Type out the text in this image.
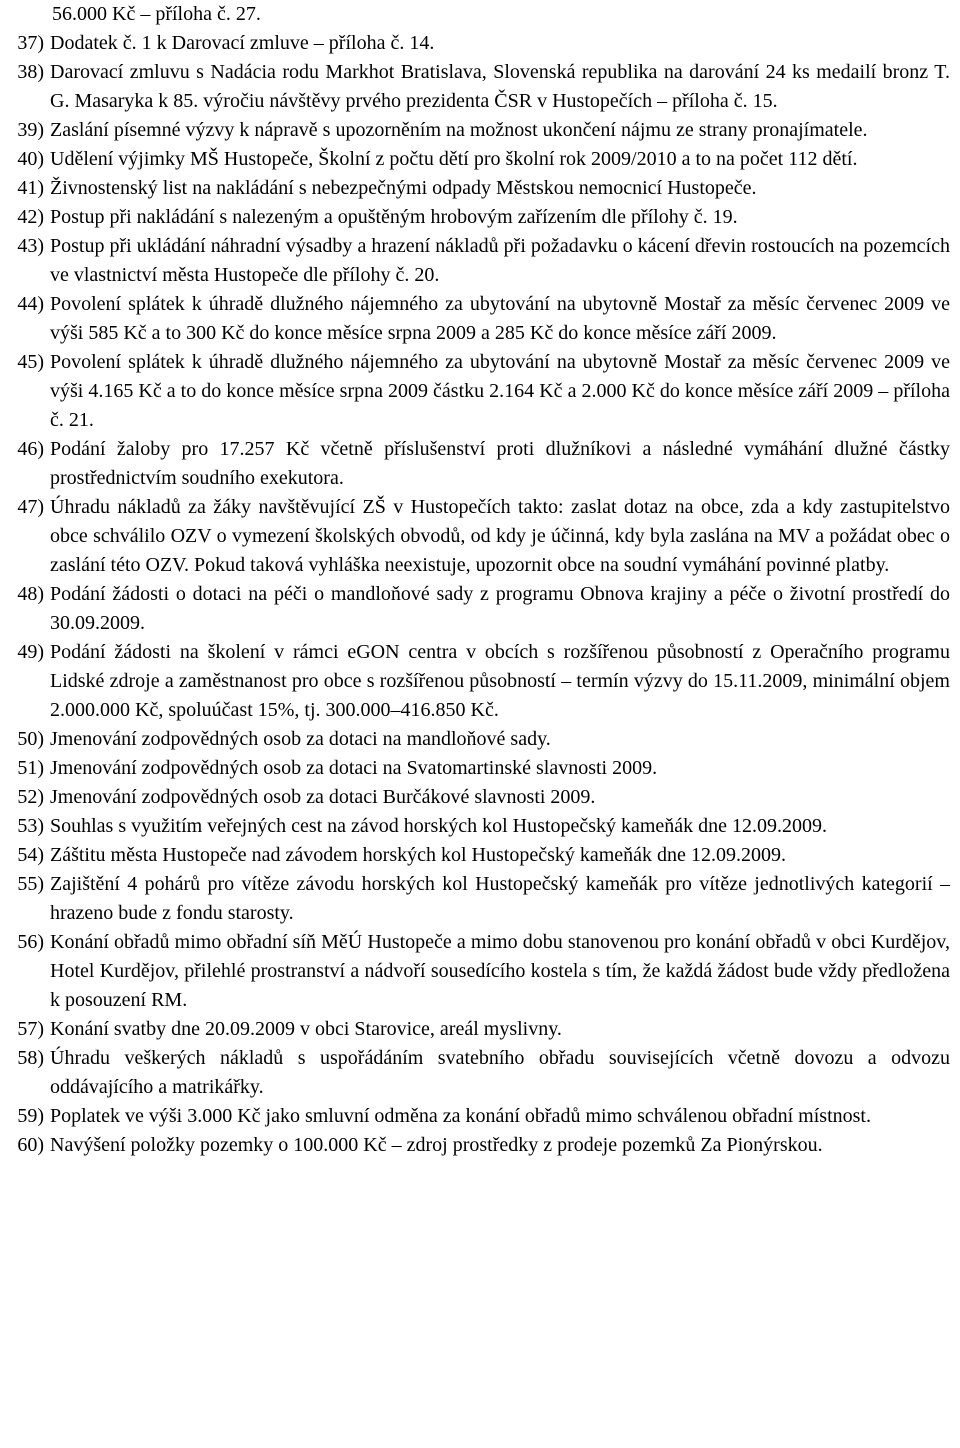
56.000 Kč – příloha č. 27.
37) Dodatek č. 1 k Darovací zmluve – příloha č. 14.
38) Darovací zmluvu s Nadácia rodu Markhot Bratislava, Slovenská republika na darování 24 ks medailí bronz T. G. Masaryka k 85. výročiu návštěvy prvého prezidenta ČSR v Hustopečích – příloha č. 15.
39) Zaslání písemné výzvy k nápravě s upozorněním na možnost ukončení nájmu ze strany pronajímatele.
40) Udělení výjimky MŠ Hustopeče, Školní z počtu dětí pro školní rok 2009/2010 a to na počet 112 dětí.
41) Živnostenský list na nakládání s nebezpečnými odpady Městskou nemocnicí Hustopeče.
42) Postup při nakládání s nalezeným a opuštěným hrobovým zařízením dle přílohy č. 19.
43) Postup při ukládání náhradní výsadby a hrazení nákladů při požadavku o kácení dřevin rostoucích na pozemcích ve vlastnictví města Hustopeče dle přílohy č. 20.
44) Povolení splátek k úhradě dlužného nájemného za ubytování na ubytovně Mostař za měsíc červenec 2009 ve výši 585 Kč a to 300 Kč do konce měsíce srpna 2009 a 285 Kč do konce měsíce září 2009.
45) Povolení splátek k úhradě dlužného nájemného za ubytování na ubytovně Mostař za měsíc červenec 2009 ve výši 4.165 Kč a to do konce měsíce srpna 2009 částku 2.164 Kč a 2.000 Kč do konce měsíce září 2009 – příloha č. 21.
46) Podání žaloby pro 17.257 Kč včetně příslušenství proti dlužníkovi a následné vymáhání dlužné částky prostřednictvím soudního exekutora.
47) Úhradu nákladů za žáky navštěvující ZŠ v Hustopečích takto: zaslat dotaz na obce, zda a kdy zastupitelstvo obce schválilo OZV o vymezení školských obvodů, od kdy je účinná, kdy byla zaslána na MV a požádat obec o zaslání této OZV. Pokud taková vyhláška neexistuje, upozornit obce na soudní vymáhání povinné platby.
48) Podání žádosti o dotaci na péči o mandloňové sady z programu Obnova krajiny a péče o životní prostředí do 30.09.2009.
49) Podání žádosti na školení v rámci eGON centra v obcích s rozšířenou působností z Operačního programu Lidské zdroje a zaměstnanost pro obce s rozšířenou působností – termín výzvy do 15.11.2009, minimální objem 2.000.000 Kč, spoluúčast 15%, tj. 300.000–416.850 Kč.
50) Jmenování zodpovědných osob za dotaci na mandloňové sady.
51) Jmenování zodpovědných osob za dotaci na Svatomartinské slavnosti 2009.
52) Jmenování zodpovědných osob za dotaci Burčákové slavnosti 2009.
53) Souhlas s využitím veřejných cest na závod horských kol Hustopečský kameňák dne 12.09.2009.
54) Záštitu města Hustopeče nad závodem horských kol Hustopečský kameňák dne 12.09.2009.
55) Zajištění 4 pohárů pro vítěze závodu horských kol Hustopečský kameňák pro vítěze jednotlivých kategorií – hrazeno bude z fondu starosty.
56) Konání obřadů mimo obřadní síň MěÚ Hustopeče a mimo dobu stanovenou pro konání obřadů v obci Kurdějov, Hotel Kurdějov, přilehlé prostranství a nádvoří sousedícího kostela s tím, že každá žádost bude vždy předložena k posouzení RM.
57) Konání svatby dne 20.09.2009 v obci Starovice, areál myslivny.
58) Úhradu veškerých nákladů s uspořádáním svatebního obřadu souvisejících včetně dovozu a odvozu oddávajícího a matrikářky.
59) Poplatek ve výši 3.000 Kč jako smluvní odměna za konání obřadů mimo schválenou obřadní místnost.
60) Navýšení položky pozemky o 100.000 Kč – zdroj prostředky z prodeje pozemků Za Pionýrskou.
